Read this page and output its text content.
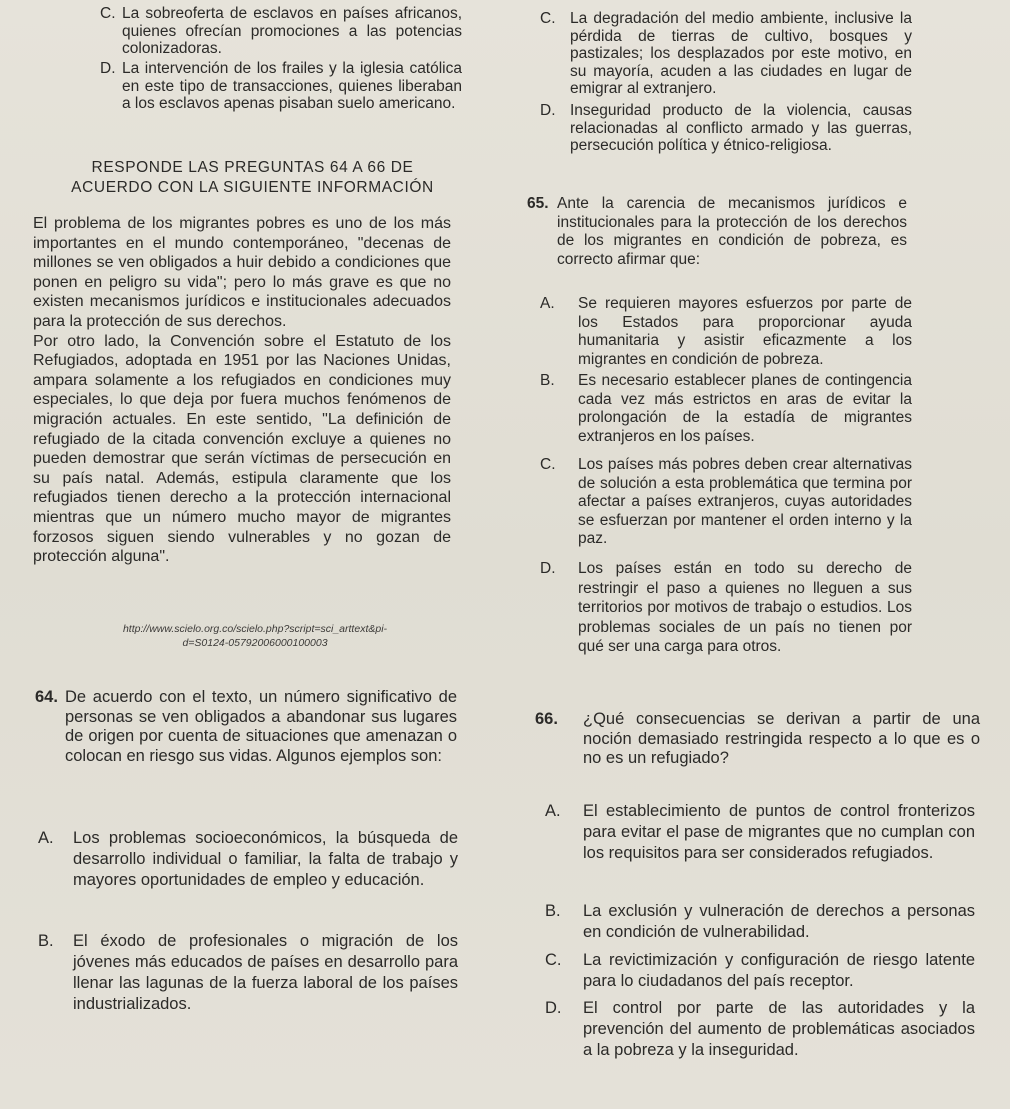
C. La sobreoferta de esclavos en países africanos, quienes ofrecían promociones a las potencias colonizadoras.
D. La intervención de los frailes y la iglesia católica en este tipo de transacciones, quienes liberaban a los esclavos apenas pisaban suelo americano.
RESPONDE LAS PREGUNTAS 64 A 66 DE
ACUERDO CON LA SIGUIENTE INFORMACIÓN

El problema de los migrantes pobres es uno de los más importantes en el mundo contemporáneo, "decenas de millones se ven obligados a huir debido a condiciones que ponen en peligro su vida"; pero lo más grave es que no existen mecanismos jurídicos e institucionales adecuados para la protección de sus derechos.

Por otro lado, la Convención sobre el Estatuto de los Refugiados, adoptada en 1951 por las Naciones Unidas, ampara solamente a los refugiados en condiciones muy especiales, lo que deja por fuera muchos fenómenos de migración actuales. En este sentido, "La definición de refugiado de la citada convención excluye a quienes no pueden demostrar que serán víctimas de persecución en su país natal. Además, estipula claramente que los refugiados tienen derecho a la protección internacional mientras que un número mucho mayor de migrantes forzosos siguen siendo vulnerables y no gozan de protección alguna".

http://www.scielo.org.co/scielo.php?script=sci_arttext&pi-
d=S0124-05792006000100003
64. De acuerdo con el texto, un número significativo de personas se ven obligados a abandonar sus lugares de origen por cuenta de situaciones que amenazan o colocan en riesgo sus vidas. Algunos ejemplos son:
A. Los problemas socioeconómicos, la búsqueda de desarrollo individual o familiar, la falta de trabajo y mayores oportunidades de empleo y educación.
B. El éxodo de profesionales o migración de los jóvenes más educados de países en desarrollo para llenar las lagunas de la fuerza laboral de los países industrializados.
C. La degradación del medio ambiente, inclusive la pérdida de tierras de cultivo, bosques y pastizales; los desplazados por este motivo, en su mayoría, acuden a las ciudades en lugar de emigrar al extranjero.
D. Inseguridad producto de la violencia, causas relacionadas al conflicto armado y las guerras, persecución política y étnico-religiosa.
65. Ante la carencia de mecanismos jurídicos e institucionales para la protección de los derechos de los migrantes en condición de pobreza, es correcto afirmar que:
A. Se requieren mayores esfuerzos por parte de los Estados para proporcionar ayuda humanitaria y asistir eficazmente a los migrantes en condición de pobreza.
B. Es necesario establecer planes de contingencia cada vez más estrictos en aras de evitar la prolongación de la estadía de migrantes extranjeros en los países.
C. Los países más pobres deben crear alternativas de solución a esta problemática que termina por afectar a países extranjeros, cuyas autoridades se esfuerzan por mantener el orden interno y la paz.
D. Los países están en todo su derecho de restringir el paso a quienes no lleguen a sus territorios por motivos de trabajo o estudios. Los problemas sociales de un país no tienen por qué ser una carga para otros.
66. ¿Qué consecuencias se derivan a partir de una noción demasiado restringida respecto a lo que es o no es un refugiado?
A. El establecimiento de puntos de control fronterizos para evitar el pase de migrantes que no cumplan con los requisitos para ser considerados refugiados.
B. La exclusión y vulneración de derechos a personas en condición de vulnerabilidad.
C. La revictimización y configuración de riesgo latente para lo ciudadanos del país receptor.
D. El control por parte de las autoridades y la prevención del aumento de problemáticas asociados a la pobreza y la inseguridad.
